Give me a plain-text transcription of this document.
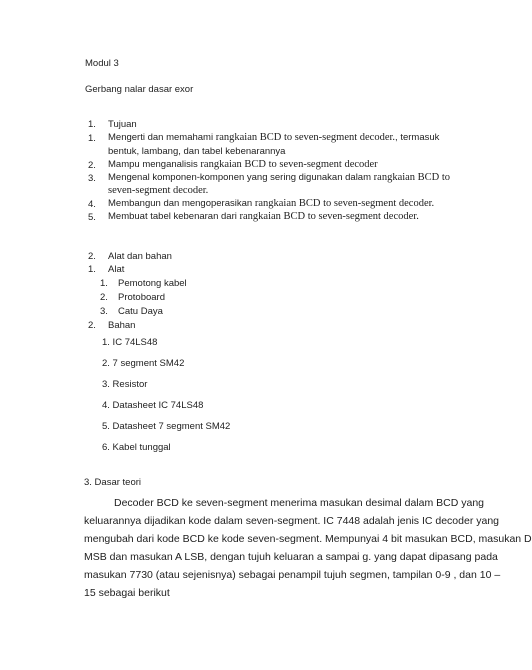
Modul 3
Gerbang nalar dasar exor
1. Tujuan
1. Mengerti dan memahami rangkaian BCD to seven-segment decoder., termasuk
bentuk, lambang, dan tabel kebenarannya
2. Mampu menganalisis rangkaian BCD to seven-segment decoder
3. Mengenal komponen-komponen yang sering digunakan dalam rangkaian BCD to
seven-segment decoder.
4. Membangun dan mengoperasikan rangkaian BCD to seven-segment decoder.
5. Membuat tabel kebenaran dari rangkaian BCD to seven-segment decoder.
2. Alat dan bahan
1. Alat
1. Pemotong kabel
2. Protoboard
3. Catu Daya
2. Bahan
1. IC 74LS48
2. 7 segment SM42
3. Resistor
4. Datasheet IC 74LS48
5. Datasheet 7 segment SM42
6. Kabel tunggal
3. Dasar teori
Decoder BCD ke seven-segment menerima masukan desimal dalam BCD yang
keluarannya dijadikan kode dalam seven-segment. IC 7448 adalah jenis IC decoder yang
mengubah dari kode BCD ke kode seven-segment. Mempunyai 4 bit masukan BCD, masukan D
MSB dan masukan A LSB, dengan tujuh keluaran a sampai g. yang dapat dipasang pada
masukan 7730 (atau sejenisnya) sebagai penampil tujuh segmen, tampilan 0-9 , dan 10 –
15 sebagai berikut
